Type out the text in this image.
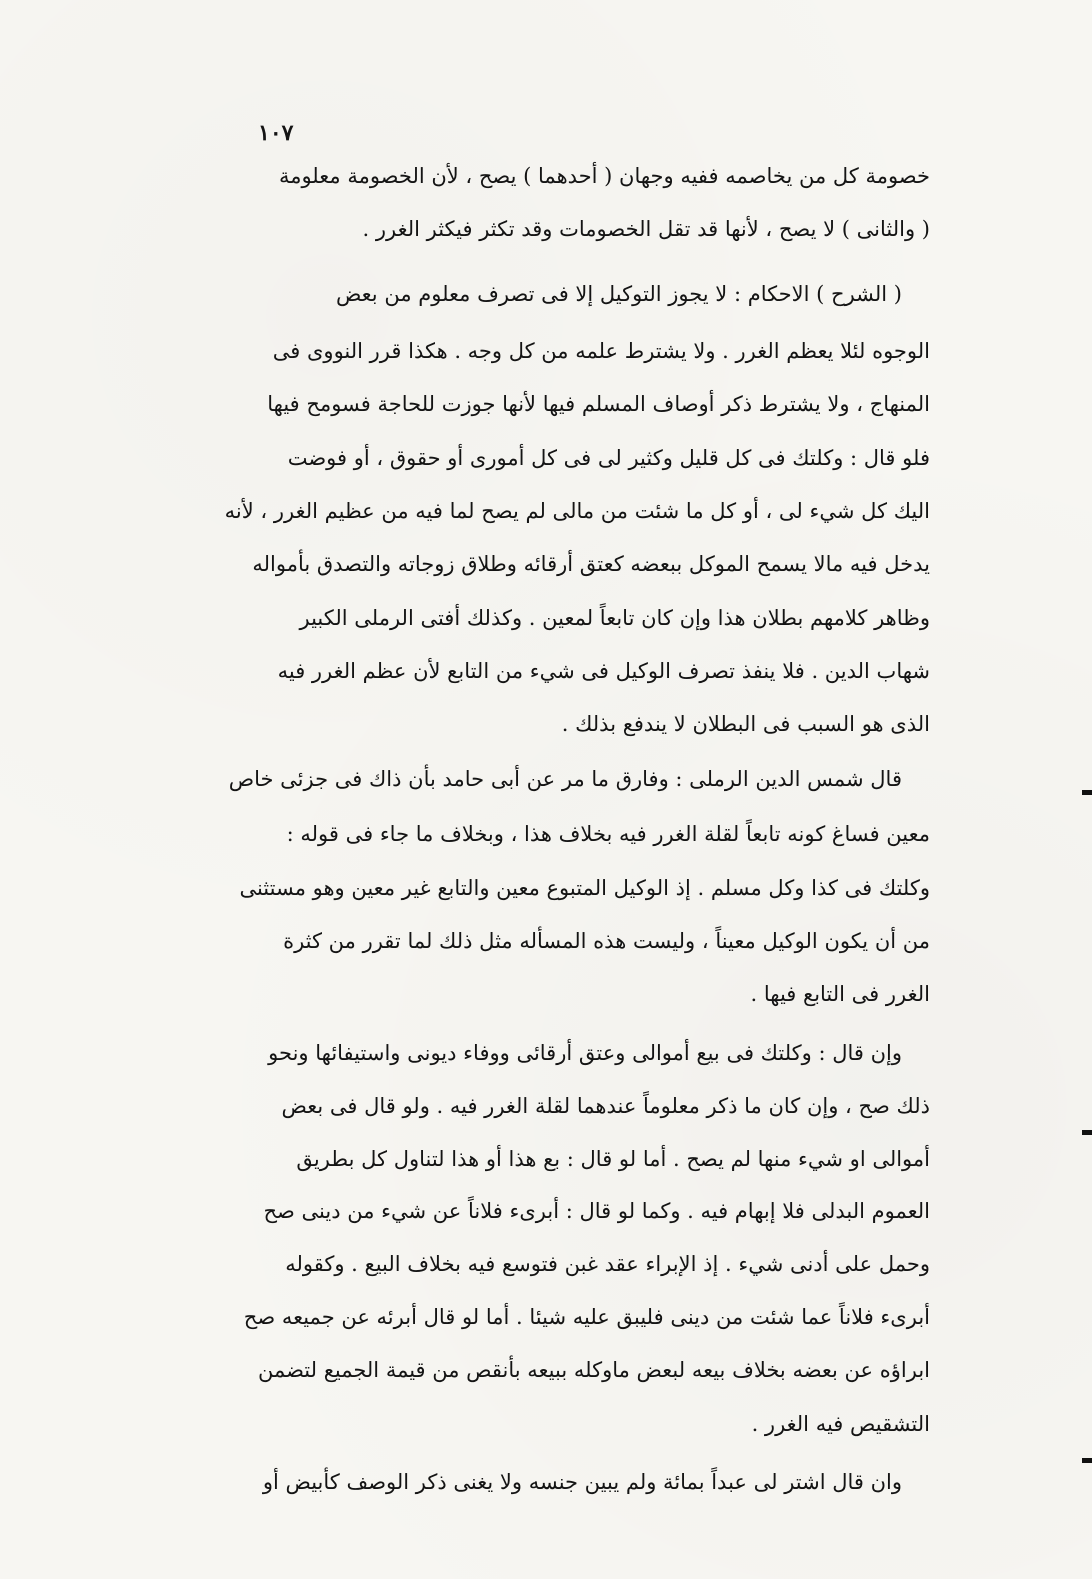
١٠٧
خصومة كل من يخاصمه ففيه وجهان ( أحدهما ) يصح ، لأن الخصومة معلومة
( والثانى ) لا يصح ، لأنها قد تقل الخصومات وقد تكثر فيكثر الغرر .
( الشرح ) الاحكام : لا يجوز التوكيل إلا فى تصرف معلوم من بعض
الوجوه لئلا يعظم الغرر . ولا يشترط علمه من كل وجه . هكذا قرر النووى فى
المنهاج ، ولا يشترط ذكر أوصاف المسلم فيها لأنها جوزت للحاجة فسومح فيها
فلو قال : وكلتك فى كل قليل وكثير لى فى كل أمورى أو حقوق ، أو فوضت
اليك كل شيء لى ، أو كل ما شئت من مالى لم يصح لما فيه من عظيم الغرر ، لأنه
يدخل فيه مالا يسمح الموكل ببعضه كعتق أرقائه وطلاق زوجاته والتصدق بأمواله
وظاهر كلامهم بطلان هذا وإن كان تابعاً لمعين . وكذلك أفتى الرملى الكبير
شهاب الدين . فلا ينفذ تصرف الوكيل فى شيء من التابع لأن عظم الغرر فيه
الذى هو السبب فى البطلان لا يندفع بذلك .
قال شمس الدين الرملى : وفارق ما مر عن أبى حامد بأن ذاك فى جزئى خاص
معين فساغ كونه تابعاً لقلة الغرر فيه بخلاف هذا ، وبخلاف ما جاء فى قوله :
وكلتك فى كذا وكل مسلم . إذ الوكيل المتبوع معين والتابع غير معين وهو مستثنى
من أن يكون الوكيل معيناً ، وليست هذه المسأله مثل ذلك لما تقرر من كثرة
الغرر فى التابع فيها .
وإن قال : وكلتك فى بيع أموالى وعتق أرقائى ووفاء ديونى واستيفائها ونحو
ذلك صح ، وإن كان ما ذكر معلوماً عندهما لقلة الغرر فيه . ولو قال فى بعض
أموالى او شيء منها لم يصح . أما لو قال : بع هذا أو هذا لتناول كل بطريق
العموم البدلى فلا إبهام فيه . وكما لو قال : أبرىء فلاناً عن شيء من دينى صح
وحمل على أدنى شيء . إذ الإبراء عقد غبن فتوسع فيه بخلاف البيع . وكقوله
أبرىء فلاناً عما شئت من دينى فليبق عليه شيئا . أما لو قال أبرئه عن جميعه صح
ابراؤه عن بعضه بخلاف بيعه لبعض ماوكله ببيعه بأنقص من قيمة الجميع لتضمن
التشقيص فيه الغرر .
وان قال اشتر لى عبداً بمائة ولم يبين جنسه ولا يغنى ذكر الوصف كأبيض أو
